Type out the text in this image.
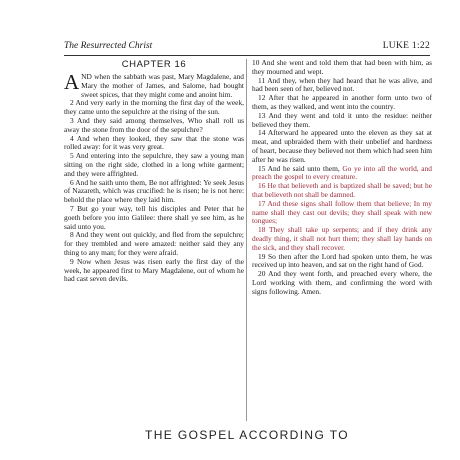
The Resurrected Christ	LUKE 1:22
CHAPTER 16

AND when the sabbath was past, Mary Magdalene, and Mary the mother of James, and Salome, had bought sweet spices, that they might come and anoint him.

2 And very early in the morning the first day of the week, they came unto the sepulchre at the rising of the sun.

3 And they said among themselves, Who shall roll us away the stone from the door of the sepulchre?

4 And when they looked, they saw that the stone was rolled away: for it was very great.

5 And entering into the sepulchre, they saw a young man sitting on the right side, clothed in a long white garment; and they were affrighted.

6 And he saith unto them, Be not affrighted: Ye seek Jesus of Nazareth, which was crucified: he is risen; he is not here: behold the place where they laid him.

7 But go your way, tell his disciples and Peter that he goeth before you into Galilee: there shall ye see him, as he said unto you.

8 And they went out quickly, and fled from the sepulchre; for they trembled and were amazed: neither said they any thing to any man; for they were afraid.

9 Now when Jesus was risen early the first day of the week, he appeared first to Mary Magdalene, out of whom he had cast seven devils.

10 And she went and told them that had been with him, as they mourned and wept.

11 And they, when they had heard that he was alive, and had been seen of her, believed not.

12 After that he appeared in another form unto two of them, as they walked, and went into the country.

13 And they went and told it unto the residue: neither believed they them.

14 Afterward he appeared unto the eleven as they sat at meat, and upbraided them with their unbelief and hardness of heart, because they believed not them which had seen him after he was risen.

15 And he said unto them, Go ye into all the world, and preach the gospel to every creature.

16 He that believeth and is baptized shall be saved; but he that believeth not shall be damned.

17 And these signs shall follow them that believe; In my name shall they cast out devils; they shall speak with new tongues;

18 They shall take up serpents; and if they drink any deadly thing, it shall not hurt them; they shall lay hands on the sick, and they shall recover.

19 So then after the Lord had spoken unto them, he was received up into heaven, and sat on the right hand of God.

20 And they went forth, and preached every where, the Lord working with them, and confirming the word with signs following. Amen.

THE GOSPEL ACCORDING TO
